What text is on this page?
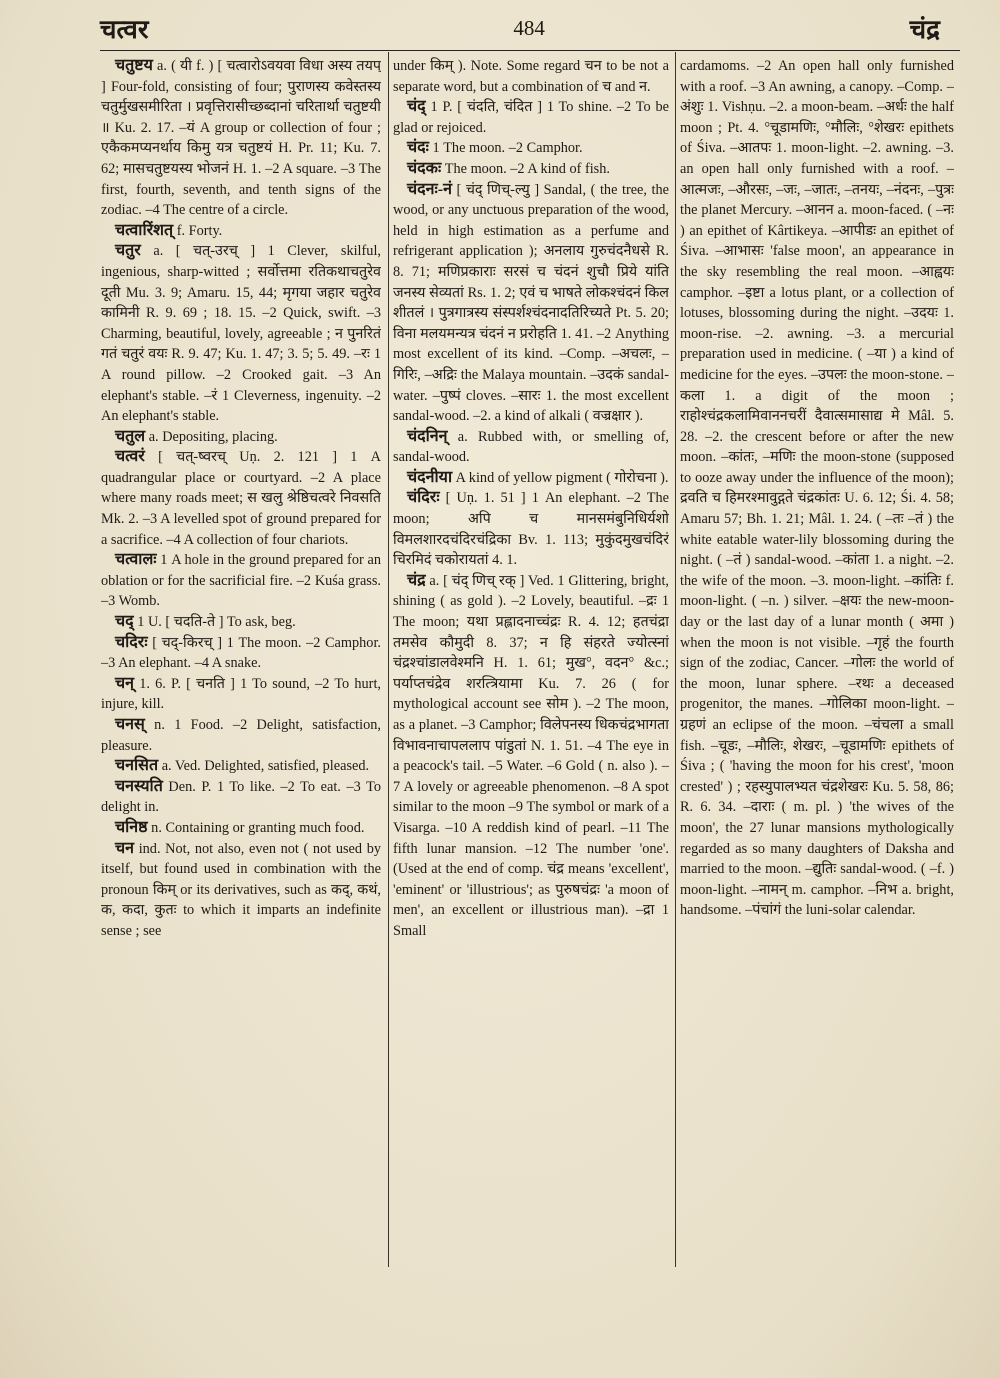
चत्वर	484	चंद्र
चतुष्टय a. ( यी f. ) [ चत्वारोऽवयवा विधा अस्य तयप् ] Four-fold, consisting of four; पुराणस्य कवेस्तस्य चतुर्मुखसमीरिता । प्रवृत्तिरासीच्छब्दानां चरितार्था चतुष्टयी ॥ Ku. 2. 17. –यं A group or collection of four ; एकैकमप्यनर्थाय किमु यत्र चतुष्टयं H. Pr. 11; Ku. 7. 62; मासचतुष्टयस्य भोजनं H. 1. –2 A square. –3 The first, fourth, seventh, and tenth signs of the zodiac. –4 The centre of a circle.
चत्वारिंशत् f. Forty.
चतुर a. [ चत्-उरच् ] 1 Clever, skilful, ingenious, sharp-witted ; सर्वोत्तमा रतिकथाचतुरेव दूती Mu. 3. 9; Amaru. 15, 44; मृगया जहार चतुरेव कामिनी R. 9. 69 ; 18. 15. –2 Quick, swift. –3 Charming, beautiful, lovely, agreeable ; न पुनरितं गतं चतुरं वयः R. 9. 47; Ku. 1. 47; 3. 5; 5. 49. –रः 1 A round pillow. –2 Crooked gait. –3 An elephant's stable. –रं 1 Cleverness, ingenuity. –2 An elephant's stable.
चतुल a. Depositing, placing.
चत्वरं [ चत्-ष्वरच् Uṇ. 2. 121 ] 1 A quadrangular place or courtyard. –2 A place where many roads meet; स खलु श्रेष्ठिचत्वरे निवसति Mk. 2. –3 A levelled spot of ground prepared for a sacrifice. –4 A collection of four chariots.
चत्वालः 1 A hole in the ground prepared for an oblation or for the sacrificial fire. –2 Kuśa grass. –3 Womb.
चद् 1 U. [ चदति-ते ] To ask, beg.
चदिरः [ चद्-किरच् ] 1 The moon. –2 Camphor. –3 An elephant. –4 A snake.
चन् 1. 6. P. [ चनति ] 1 To sound, –2 To hurt, injure, kill.
चनस् n. 1 Food. –2 Delight, satisfaction, pleasure.
चनसित a. Ved. Delighted, satisfied, pleased.
चनस्यति Den. P. 1 To like. –2 To eat. –3 To delight in.
चनिष्ठ n. Containing or granting much food.
चन ind. Not, not also, even not ( not used by itself, but found used in combination with the pronoun किम् or its derivatives, such as कद्, कथं, क, कदा, कुतः to which it imparts an indefinite sense ; see
under किम् ). Note. Some regard चन to be not a separate word, but a combination of च and न.
चंद् 1 P. [ चंदति, चंदित ] 1 To shine. –2 To be glad or rejoiced.
चंदः 1 The moon. –2 Camphor.
चंदकः The moon. –2 A kind of fish.
चंदनः-नं [ चंद् णिच्-ल्यु ] Sandal, ( the tree, the wood, or any unctuous preparation of the wood, held in high estimation as a perfume and refrigerant application ); अनलाय गुरुचंदनैधसे R. 8. 71; मणिप्रकाराः सरसं च चंदनं शुचौ प्रिये यांति जनस्य सेव्यतां Rs. 1. 2; एवं च भाषते लोकश्चंदनं किल शीतलं । पुत्रगात्रस्य संस्पर्शश्चंदनादतिरिच्यते Pt. 5. 20; विना मलयमन्यत्र चंदनं न प्ररोहति 1. 41. –2 Anything most excellent of its kind. –Comp. –अचलः, –गिरिः, –अद्रिः the Malaya mountain. –उदकं sandal-water. –पुष्पं cloves. –सारः 1. the most excellent sandal-wood. –2. a kind of alkali ( वज्रक्षार ).
चंदनिन् a. Rubbed with, or smelling of, sandal-wood.
चंदनीया A kind of yellow pigment ( गोरोचना ).
चंदिरः [ Uṇ. 1. 51 ] 1 An elephant. –2 The moon; अपि च मानसमंबुनिधिर्यशो विमलशारदचंदिरचंद्रिका Bv. 1. 113; मुकुंदमुखचंदिरं चिरमिदं चकोरायतां 4. 1.
चंद्र a. [ चंद् णिच् रक् ] Ved. 1 Glittering, bright, shining ( as gold ). –2 Lovely, beautiful. –द्रः 1 The moon; यथा प्रह्लादनाच्चंद्रः R. 4. 12; हतचंद्रा तमसेव कौमुदी 8. 37; न हि संहरते ज्योत्स्नां चंद्रश्चांडालवेश्मनि H. 1. 61; मुख°, वदन° &c.; पर्याप्तचंद्रेव शरत्त्रियामा Ku. 7. 26 ( for mythological account see सोम ). –2 The moon, as a planet. –3 Camphor; विलेपनस्य धिकचंद्रभागता विभावनाचापललाप पांडुतां N. 1. 51. –4 The eye in a peacock's tail. –5 Water. –6 Gold ( n. also ). –7 A lovely or agreeable phenomenon. –8 A spot similar to the moon –9 The symbol or mark of a Visarga. –10 A reddish kind of pearl. –11 The fifth lunar mansion. –12 The number 'one'. (Used at the end of comp. चंद्र means 'excellent', 'eminent' or 'illustrious'; as पुरुषचंद्रः 'a moon of men', an excellent or illustrious man). –द्रा 1 Small
cardamoms. –2 An open hall only furnished with a roof. –3 An awning, a canopy. –Comp. –अंशुः 1. Vishṇu. –2. a moon-beam. –अर्धः the half moon ; Pt. 4. °चूडामणिः, °मौलिः, °शेखरः epithets of Śiva. –आतपः 1. moon-light. –2. awning. –3. an open hall only furnished with a roof. –आत्मजः, –औरसः, –जः, –जातः, –तनयः, –नंदनः, –पुत्रः the planet Mercury. –आनन a. moon-faced. ( –नः ) an epithet of Kârtikeya. –आपीडः an epithet of Śiva. –आभासः 'false moon', an appearance in the sky resembling the real moon. –आह्वयः camphor. –इष्टा a lotus plant, or a collection of lotuses, blossoming during the night. –उदयः 1. moon-rise. –2. awning. –3. a mercurial preparation used in medicine. ( –या ) a kind of medicine for the eyes. –उपलः the moon-stone. –कला 1. a digit of the moon ; राहोश्चंद्रकलामिवाननचरीं दैवात्समासाद्य मे Mâl. 5. 28. –2. the crescent before or after the new moon. –कांतः, –मणिः the moon-stone (supposed to ooze away under the influence of the moon); द्रवति च हिमरश्मावुद्गते चंद्रकांतः U. 6. 12; Śi. 4. 58; Amaru 57; Bh. 1. 21; Mâl. 1. 24. ( –तः –तं ) the white eatable water-lily blossoming during the night. ( –तं ) sandal-wood. –कांता 1. a night. –2. the wife of the moon. –3. moon-light. –कांतिः f. moon-light. ( –n. ) silver. –क्षयः the new-moon-day or the last day of a lunar month ( अमा ) when the moon is not visible. –गृहं the fourth sign of the zodiac, Cancer. –गोलः the world of the moon, lunar sphere. –रथः a deceased progenitor, the manes. –गोलिका moon-light. –ग्रहणं an eclipse of the moon. –चंचला a small fish. –चूडः, –मौलिः, शेखरः, –चूडामणिः epithets of Śiva ; ( 'having the moon for his crest', 'moon crested' ) ; रहस्युपालभ्यत चंद्रशेखरः Ku. 5. 58, 86; R. 6. 34. –दाराः ( m. pl. ) 'the wives of the moon', the 27 lunar mansions mythologically regarded as so many daughters of Daksha and married to the moon. –द्युतिः sandal-wood. ( –f. ) moon-light. –नामन् m. camphor. –निभ a. bright, handsome. –पंचांगं the luni-solar calendar.
